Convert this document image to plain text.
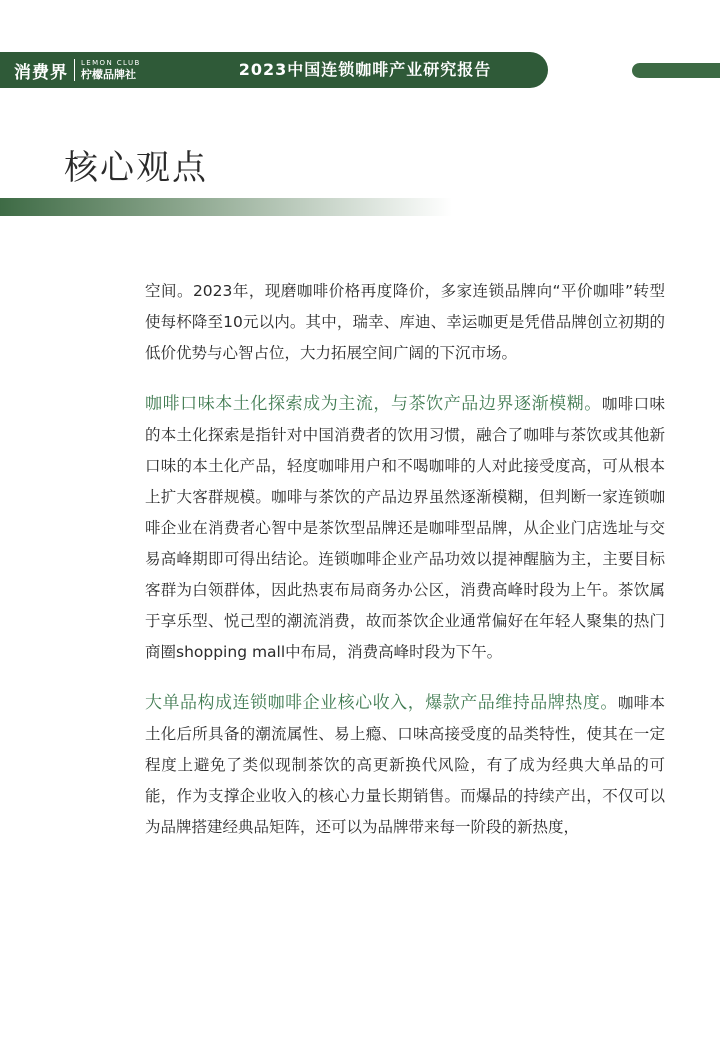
消费界 LEMON CLUB
柠檬品牌社	2023中国连锁咖啡产业研究报告
核心观点

空间。2023年，现磨咖啡价格再度降价，多家连锁品牌向“平价咖啡”转型使每杯降至10元以内。其中，瑞幸、库迪、幸运咖更是凭借品牌创立初期的低价优势与心智占位，大力拓展空间广阔的下沉市场。

咖啡口味本土化探索成为主流，与茶饮产品边界逐渐模糊。咖啡口味的本土化探索是指针对中国消费者的饮用习惯，融合了咖啡与茶饮或其他新口味的本土化产品，轻度咖啡用户和不喝咖啡的人对此接受度高，可从根本上扩大客群规模。咖啡与茶饮的产品边界虽然逐渐模糊，但判断一家连锁咖啡企业在消费者心智中是茶饮型品牌还是咖啡型品牌，从企业门店选址与交易高峰期即可得出结论。连锁咖啡企业产品功效以提神醒脑为主，主要目标客群为白领群体，因此热衷布局商务办公区，消费高峰时段为上午。茶饮属于享乐型、悦己型的潮流消费，故而茶饮企业通常偏好在年轻人聚集的热门商圈shopping mall中布局，消费高峰时段为下午。

大单品构成连锁咖啡企业核心收入，爆款产品维持品牌热度。咖啡本土化后所具备的潮流属性、易上瘾、口味高接受度的品类特性，使其在一定程度上避免了类似现制茶饮的高更新换代风险，有了成为经典大单品的可能，作为支撑企业收入的核心力量长期销售。而爆品的持续产出，不仅可以为品牌搭建经典品矩阵，还可以为品牌带来每一阶段的新热度，
